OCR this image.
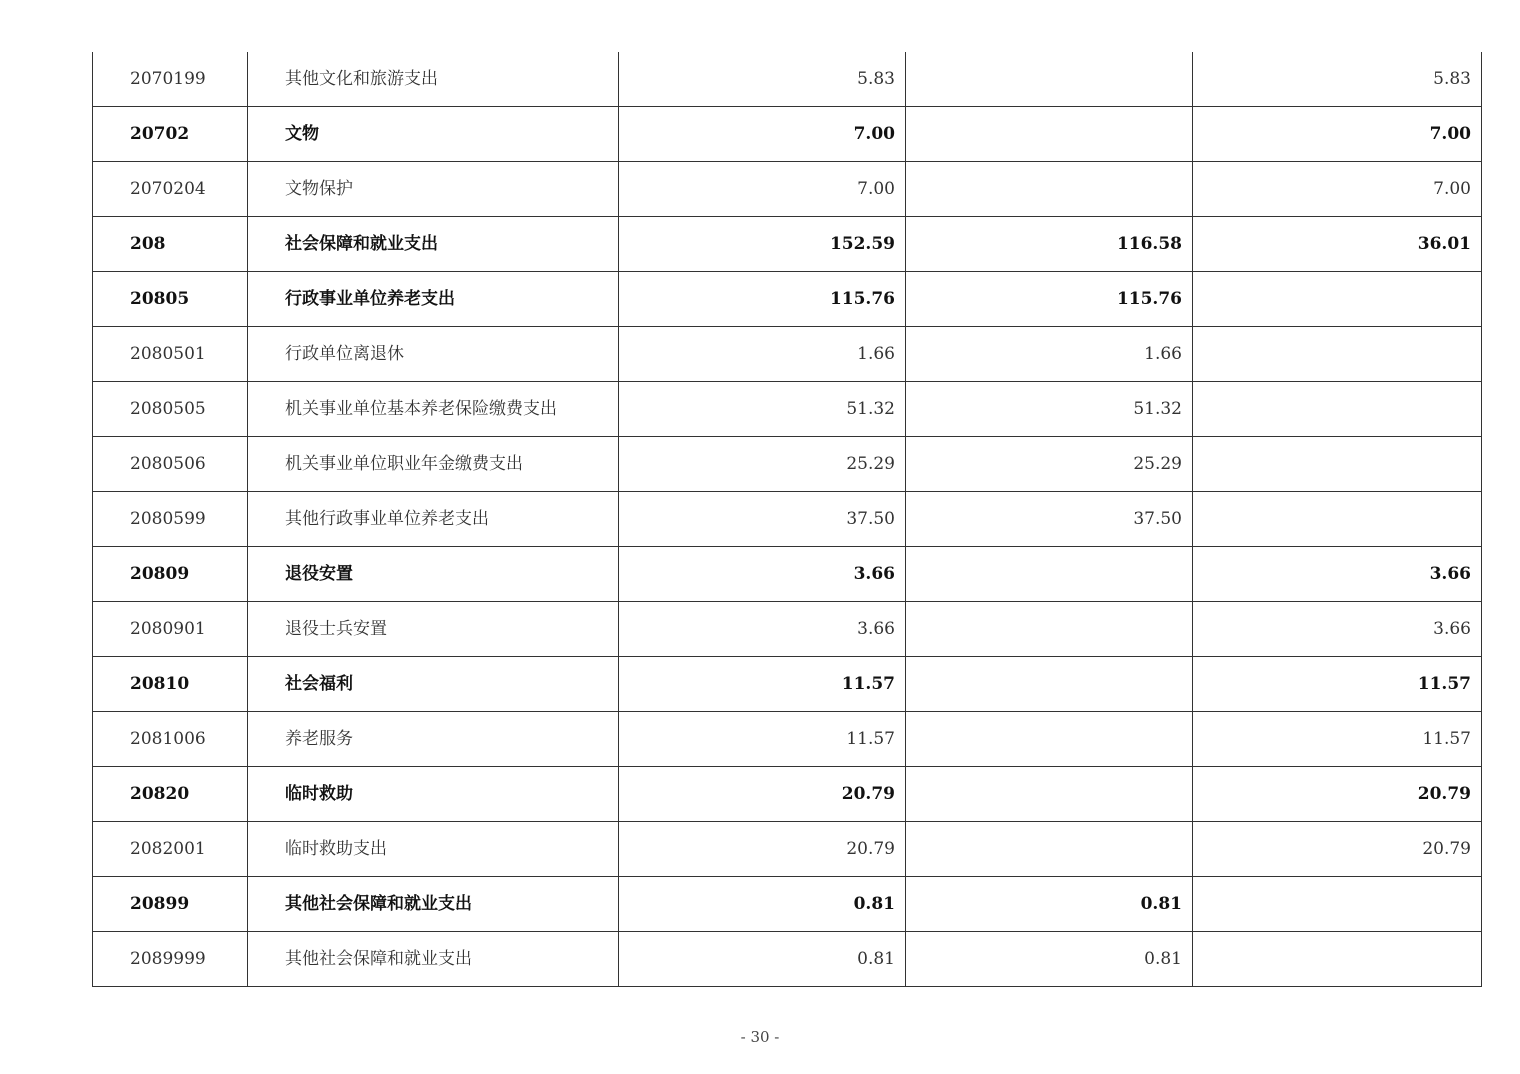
2070199	其他文化和旅游支出	5.83		5.83
20702	文物	7.00		7.00
2070204	文物保护	7.00		7.00
208	社会保障和就业支出	152.59	116.58	36.01
20805	行政事业单位养老支出	115.76	115.76	
2080501	行政单位离退休	1.66	1.66	
2080505	机关事业单位基本养老保险缴费支出	51.32	51.32	
2080506	机关事业单位职业年金缴费支出	25.29	25.29	
2080599	其他行政事业单位养老支出	37.50	37.50	
20809	退役安置	3.66		3.66
2080901	退役士兵安置	3.66		3.66
20810	社会福利	11.57		11.57
2081006	养老服务	11.57		11.57
20820	临时救助	20.79		20.79
2082001	临时救助支出	20.79		20.79
20899	其他社会保障和就业支出	0.81	0.81	
2089999	其他社会保障和就业支出	0.81	0.81	
- 30 -
